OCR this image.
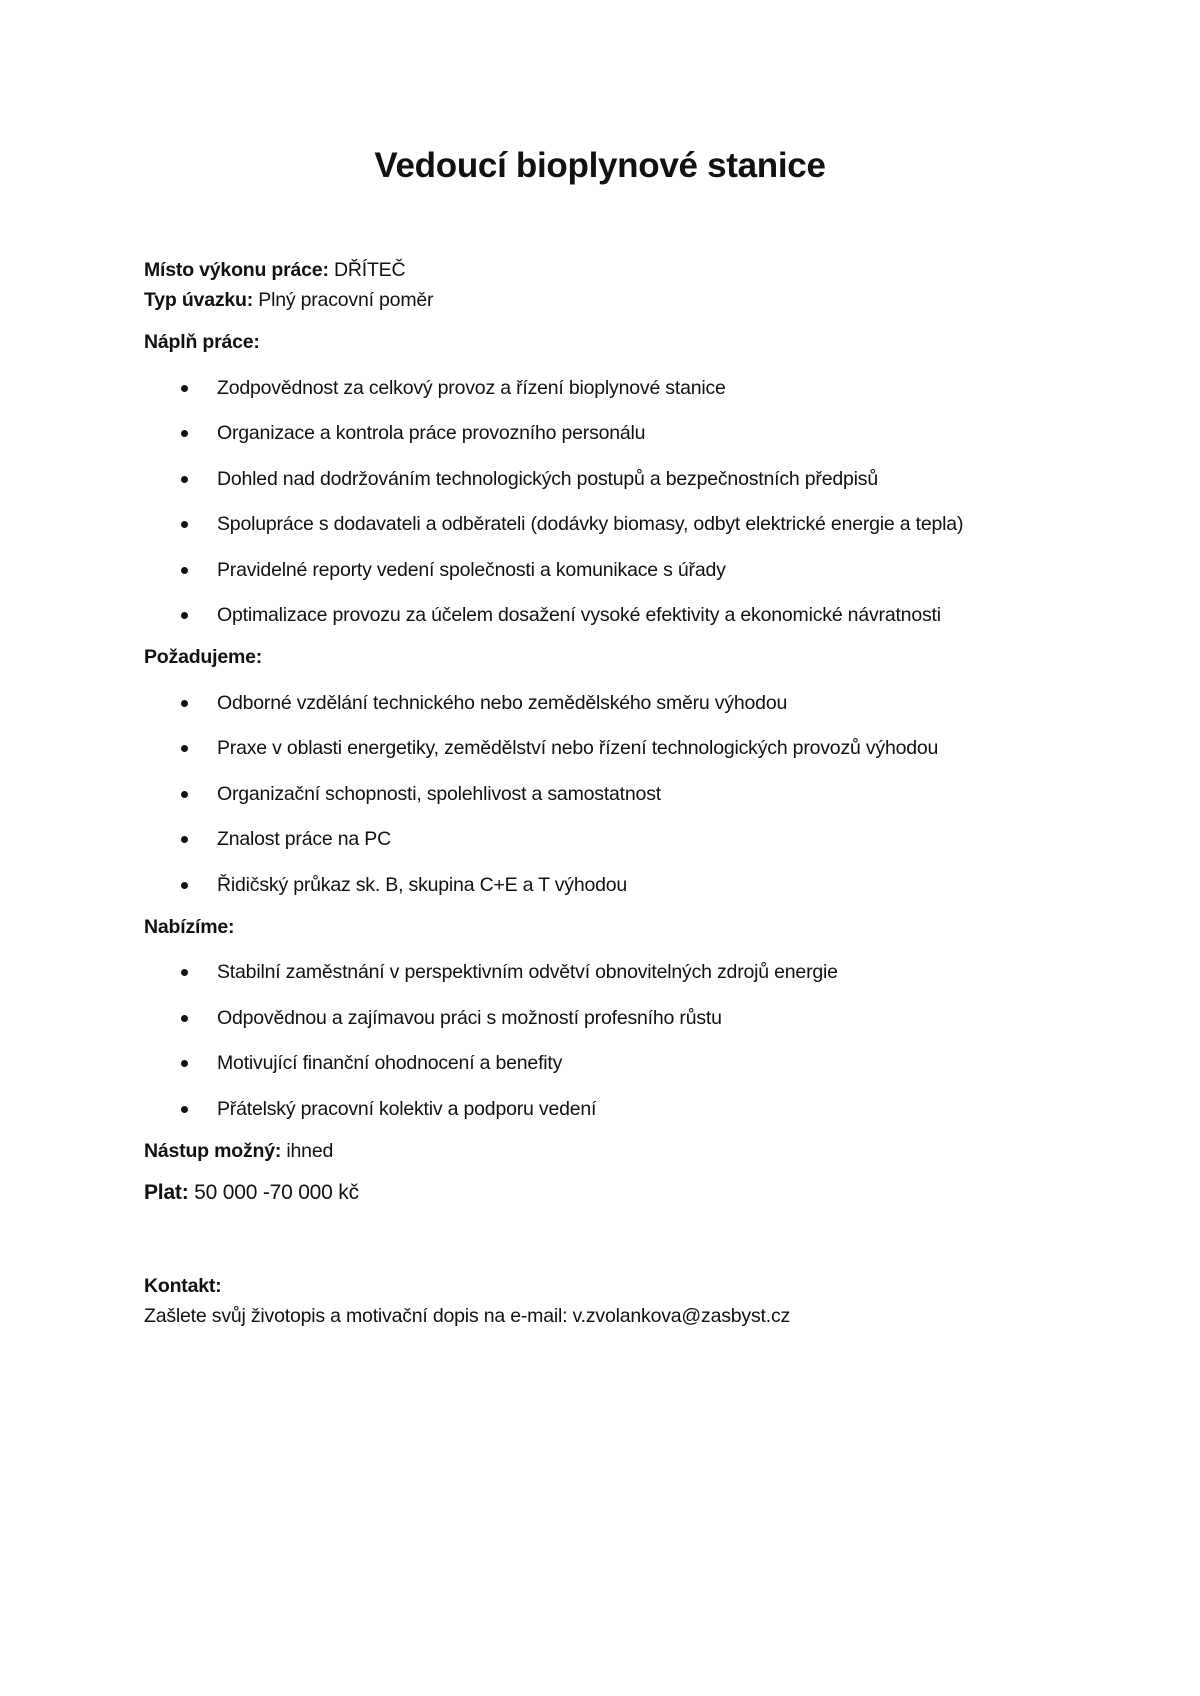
Vedoucí bioplynové stanice

Místo výkonu práce: DŘÍTEČ

Typ úvazku: Plný pracovní poměr

Náplň práce:
Zodpovědnost za celkový provoz a řízení bioplynové stanice
Organizace a kontrola práce provozního personálu
Dohled nad dodržováním technologických postupů a bezpečnostních předpisů
Spolupráce s dodavateli a odběrateli (dodávky biomasy, odbyt elektrické energie a tepla)
Pravidelné reporty vedení společnosti a komunikace s úřady
Optimalizace provozu za účelem dosažení vysoké efektivity a ekonomické návratnosti
Požadujeme:
Odborné vzdělání technického nebo zemědělského směru výhodou
Praxe v oblasti energetiky, zemědělství nebo řízení technologických provozů výhodou
Organizační schopnosti, spolehlivost a samostatnost
Znalost práce na PC
Řidičský průkaz sk. B, skupina C+E a T výhodou
Nabízíme:
Stabilní zaměstnání v perspektivním odvětví obnovitelných zdrojů energie
Odpovědnou a zajímavou práci s možností profesního růstu
Motivující finanční ohodnocení a benefity
Přátelský pracovní kolektiv a podporu vedení

Nástup možný: ihned

Plat: 50 000 -70 000 kč

Kontakt:

Zašlete svůj životopis a motivační dopis na e-mail: v.zvolankova@zasbyst.cz
